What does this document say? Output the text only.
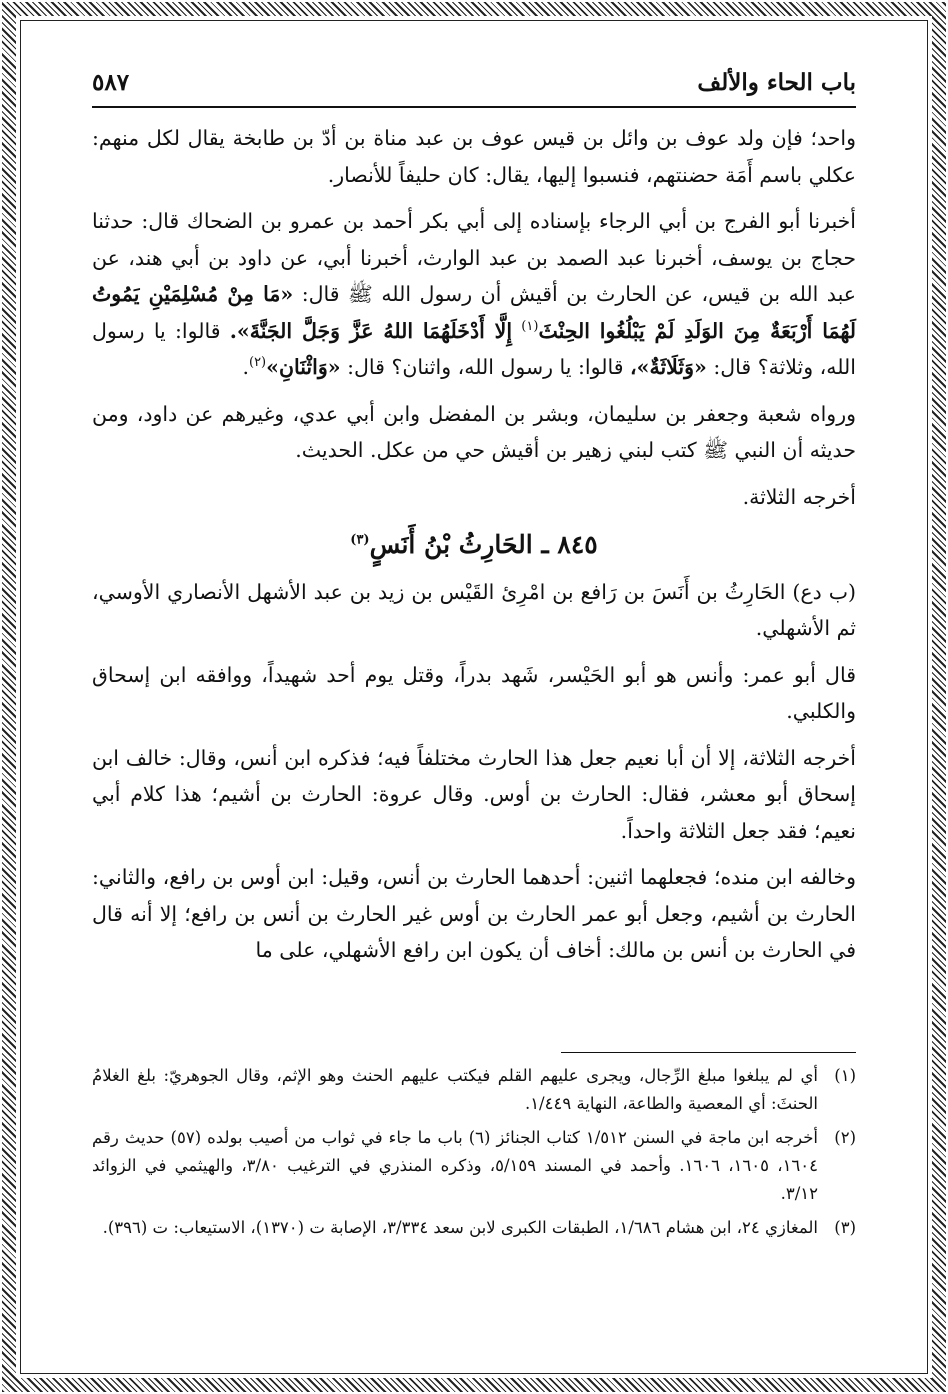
باب الحاء والألف
٥٨٧

واحد؛ فإن ولد عوف بن وائل بن قيس عوف بن عبد مناة بن أدّ بن طابخة يقال لكل منهم: عكلي باسم أَمَة حضنتهم، فنسبوا إليها، يقال: كان حليفاً للأنصار.

أخبرنا أبو الفرج بن أبي الرجاء بإسناده إلى أبي بكر أحمد بن عمرو بن الضحاك قال: حدثنا حجاج بن يوسف، أخبرنا عبد الصمد بن عبد الوارث، أخبرنا أبي، عن داود بن أبي هند، عن عبد الله بن قيس، عن الحارث بن أقيش أن رسول الله ﷺ قال: «مَا مِنْ مُسْلِمَيْنِ يَمُوتُ لَهُمَا أَرْبَعَةٌ مِنَ الوَلَدِ لَمْ يَبْلُغُوا الحِنْثَ$^{(١)}$ إِلَّا أَدْخَلَهُمَا اللهُ عَزَّ وَجَلَّ الجَنَّةَ». قالوا: يا رسول الله، وثلاثة؟ قال: «وَثَلَاثَةٌ»، قالوا: يا رسول الله، واثنان؟ قال: «وَاثْنَانِ»$^{(٢)}$.

ورواه شعبة وجعفر بن سليمان، وبشر بن المفضل وابن أبي عدي، وغيرهم عن داود، ومن حديثه أن النبي ﷺ كتب لبني زهير بن أقيش حي من عكل. الحديث.

أخرجه الثلاثة.

٨٤٥ ـ الحَارِثُ بْنُ أَنَسٍ$^{(٣)}$

(ب دع) الحَارِثُ بن أَنَسَ بن رَافع بن امْرِئ القَيْس بن زيد بن عبد الأشهل الأنصاري الأوسي، ثم الأشهلي.

قال أبو عمر: وأنس هو أبو الحَيْسر، شَهد بدراً، وقتل يوم أحد شهيداً، ووافقه ابن إسحاق والكلبي.

أخرجه الثلاثة، إلا أن أبا نعيم جعل هذا الحارث مختلفاً فيه؛ فذكره ابن أنس، وقال: خالف ابن إسحاق أبو معشر، فقال: الحارث بن أوس. وقال عروة: الحارث بن أشيم؛ هذا كلام أبي نعيم؛ فقد جعل الثلاثة واحداً.

وخالفه ابن منده؛ فجعلهما اثنين: أحدهما الحارث بن أنس، وقيل: ابن أوس بن رافع، والثاني: الحارث بن أشيم، وجعل أبو عمر الحارث بن أوس غير الحارث بن أنس بن رافع؛ إلا أنه قال في الحارث بن أنس بن مالك: أخاف أن يكون ابن رافع الأشهلي، على ما

(١)
أي لم يبلغوا مبلغ الرِّجال، ويجرى عليهم القلم فيكتب عليهم الحنث وهو الإثم، وقال الجوهريّ: بلغ الغلامُ الحنثَ: أي المعصية والطاعة، النهاية ١/٤٤٩.
(٢)
أخرجه ابن ماجة في السنن ١/٥١٢ كتاب الجنائز (٦) باب ما جاء في ثواب من أصيب بولده (٥٧) حديث رقم ١٦٠٤، ١٦٠٥، ١٦٠٦. وأحمد في المسند ٥/١٥٩، وذكره المنذري في الترغيب ٣/٨٠، والهيثمي في الزوائد ٣/١٢.
(٣)
المغازي ٢٤، ابن هشام ١/٦٨٦، الطبقات الكبرى لابن سعد ٣/٣٣٤، الإصابة ت (١٣٧٠)، الاستيعاب: ت (٣٩٦).
